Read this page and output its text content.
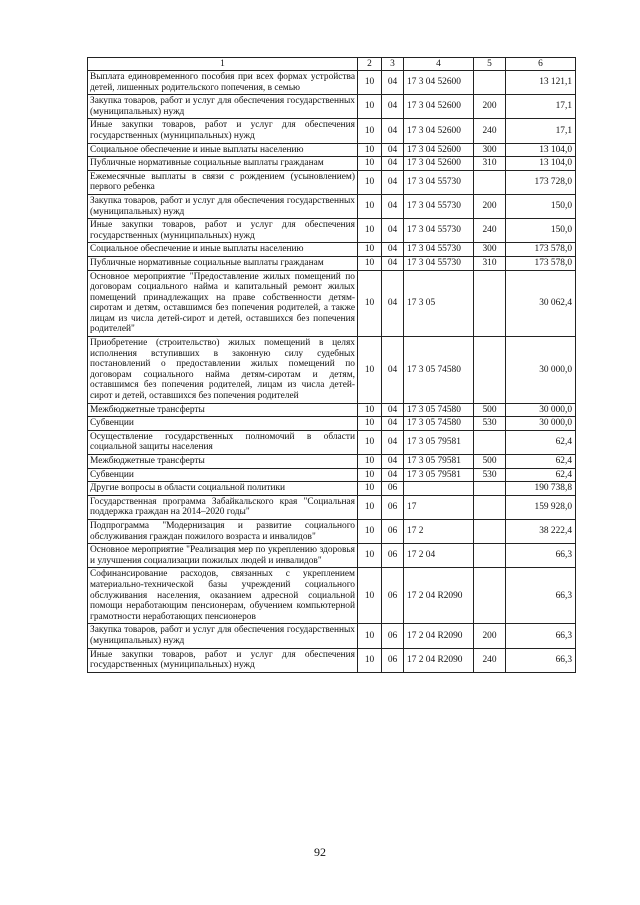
1	2	3	4	5	6
Выплата единовременного пособия при всех формах устройства детей, лишенных родительского попечения, в семью	10	04	17 3 04 52600		13 121,1
Закупка товаров, работ и услуг для обеспечения государственных (муниципальных) нужд	10	04	17 3 04 52600	200	17,1
Иные закупки товаров, работ и услуг для обеспечения государственных (муниципальных) нужд	10	04	17 3 04 52600	240	17,1
Социальное обеспечение и иные выплаты населению	10	04	17 3 04 52600	300	13 104,0
Публичные нормативные социальные выплаты гражданам	10	04	17 3 04 52600	310	13 104,0
Ежемесячные выплаты в связи с рождением (усыновлением) первого ребенка	10	04	17 3 04 55730		173 728,0
Закупка товаров, работ и услуг для обеспечения государственных (муниципальных) нужд	10	04	17 3 04 55730	200	150,0
Иные закупки товаров, работ и услуг для обеспечения государственных (муниципальных) нужд	10	04	17 3 04 55730	240	150,0
Социальное обеспечение и иные выплаты населению	10	04	17 3 04 55730	300	173 578,0
Публичные нормативные социальные выплаты гражданам	10	04	17 3 04 55730	310	173 578,0
Основное мероприятие "Предоставление жилых помещений по договорам социального найма и капитальный ремонт жилых помещений принадлежащих на праве собственности детям-сиротам и детям, оставшимся без попечения родителей, а также лицам из числа детей-сирот и детей, оставшихся без попечения родителей"	10	04	17 3 05		30 062,4
Приобретение (строительство) жилых помещений в целях исполнения вступивших в законную силу судебных постановлений о предоставлении жилых помещений по договорам социального найма детям-сиротам и детям, оставшимся без попечения родителей, лицам из числа детей-сирот и детей, оставшихся без попечения родителей	10	04	17 3 05 74580		30 000,0
Межбюджетные трансферты	10	04	17 3 05 74580	500	30 000,0
Субвенции	10	04	17 3 05 74580	530	30 000,0
Осуществление государственных полномочий в области социальной защиты населения	10	04	17 3 05 79581		62,4
Межбюджетные трансферты	10	04	17 3 05 79581	500	62,4
Субвенции	10	04	17 3 05 79581	530	62,4
Другие вопросы в области социальной политики	10	06			190 738,8
Государственная программа Забайкальского края "Социальная поддержка граждан на 2014–2020 годы"	10	06	17		159 928,0
Подпрограмма "Модернизация и развитие социального обслуживания граждан пожилого возраста и инвалидов"	10	06	17 2		38 222,4
Основное мероприятие "Реализация мер по укреплению здоровья и улучшения социализации пожилых людей и инвалидов"	10	06	17 2 04		66,3
Софинансирование расходов, связанных с укреплением материально-технической базы учреждений социального обслуживания населения, оказанием адресной социальной помощи неработающим пенсионерам, обучением компьютерной грамотности неработающих пенсионеров	10	06	17 2 04 R2090		66,3
Закупка товаров, работ и услуг для обеспечения государственных (муниципальных) нужд	10	06	17 2 04 R2090	200	66,3
Иные закупки товаров, работ и услуг для обеспечения государственных (муниципальных) нужд	10	06	17 2 04 R2090	240	66,3
92
